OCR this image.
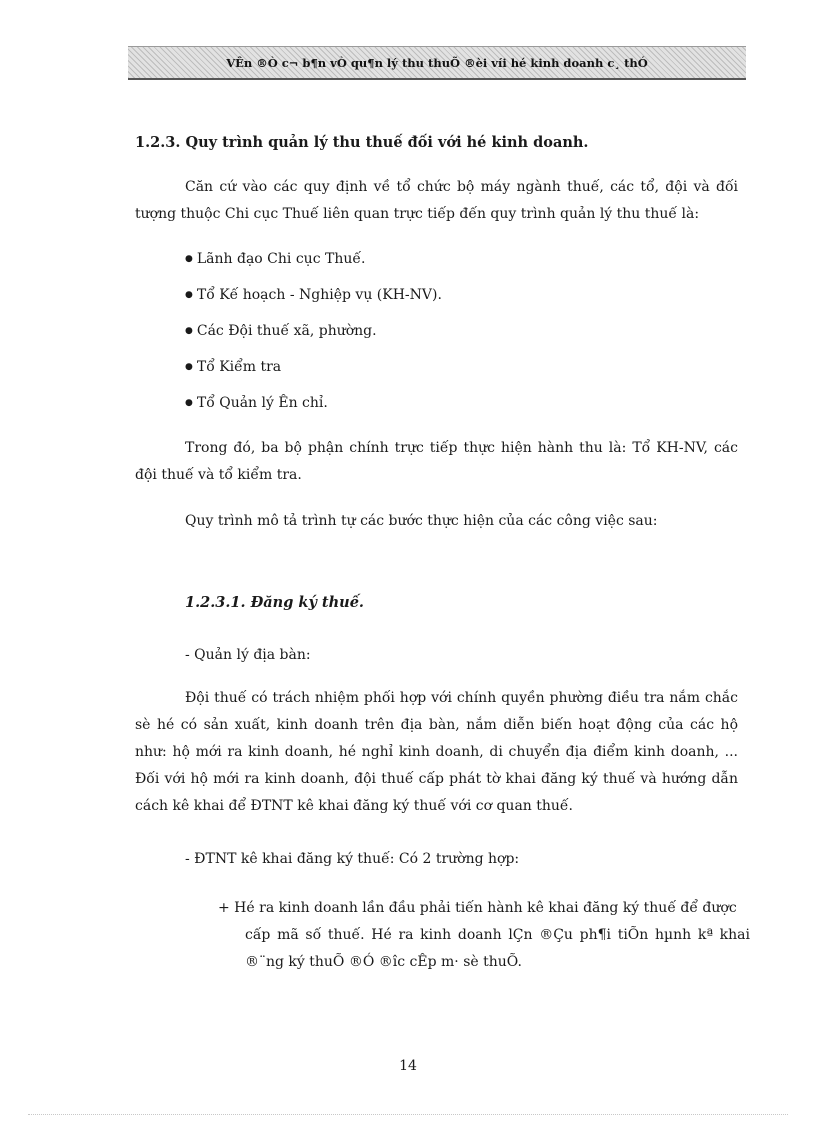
VÊn ®Ò c¬ b¶n vÒ qu¶n lý thu thuÕ ®èi víi hé kinh doanh c¸ thÓ
1.2.3. Quy trình quản lý thu thuế đối với hé kinh doanh.

Căn cứ vào các quy định về tổ chức bộ máy ngành thuế, các tổ, đội và đối tượng thuộc Chi cục Thuế liên quan trực tiếp đến quy trình quản lý thu thuế là:

● Lãnh đạo Chi cục Thuế.
● Tổ Kế hoạch - Nghiệp vụ (KH-NV).
● Các Đội thuế xã, phường.
● Tổ Kiểm tra
● Tổ Quản lý Ên chỉ.

Trong đó, ba bộ phận chính trực tiếp thực hiện hành thu là: Tổ KH-NV, các đội thuế và tổ kiểm tra.

Quy trình mô tả trình tự các bước thực hiện của các công việc sau:

1.2.3.1. Đăng ký thuế.

- Quản lý địa bàn:

Đội thuế có trách nhiệm phối hợp với chính quyền phường điều tra nắm chắc sè hé có sản xuất, kinh doanh trên địa bàn, nắm diễn biến hoạt động của các hộ như: hộ mới ra kinh doanh, hé nghỉ kinh doanh, di chuyển địa điểm kinh doanh, ... Đối với hộ mới ra kinh doanh, đội thuế cấp phát tờ khai đăng ký thuế và hướng dẫn cách kê khai để ĐTNT kê khai đăng ký thuế với cơ quan thuế.

- ĐTNT kê khai đăng ký thuế: Có 2 trường hợp:

+ Hé ra kinh doanh lần đầu phải tiến hành kê khai đăng ký thuế để được
cấp mã số thuế. Hé ra kinh doanh lÇn ®Çu ph¶i tiÕn hµnh kª khai ®¨ng ký thuÕ ®Ó ®îc cÊp m· sè thuÕ.

14
